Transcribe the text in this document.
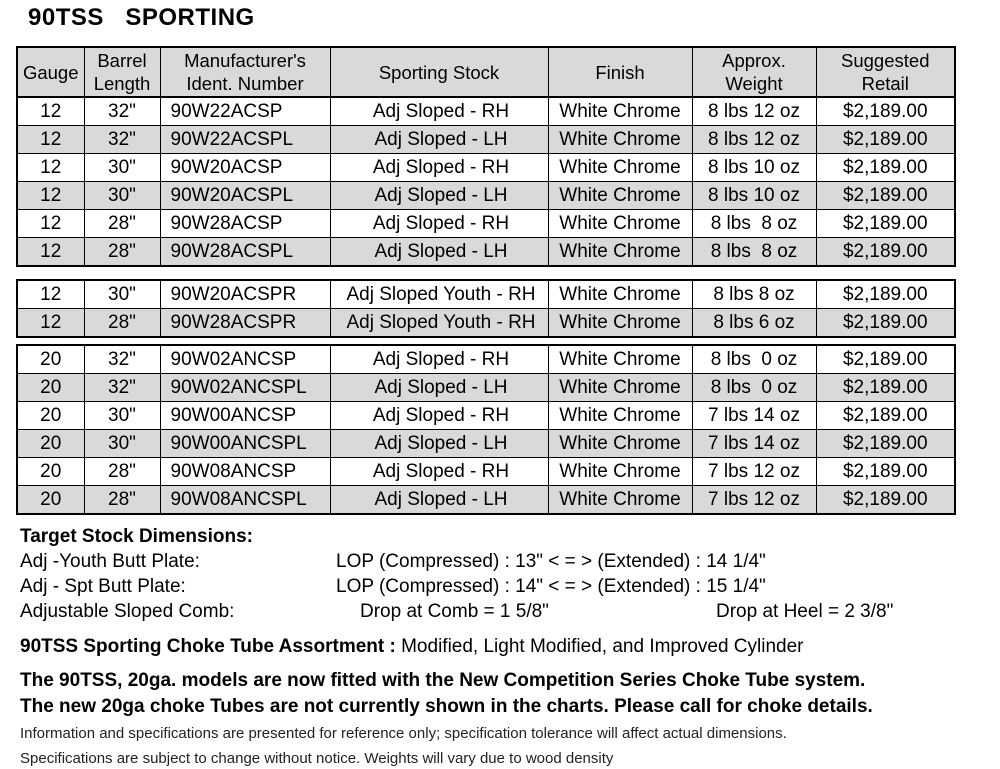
90TSS   SPORTING
Gauge	Barrel
Length	Manufacturer's
Ident. Number	Sporting Stock	Finish	Approx.
Weight	Suggested
Retail
12	32"	90W22ACSP	Adj Sloped - RH	White Chrome	8 lbs 12 oz	$2,189.00
12	32"	90W22ACSPL	Adj Sloped - LH	White Chrome	8 lbs 12 oz	$2,189.00
12	30"	90W20ACSP	Adj Sloped - RH	White Chrome	8 lbs 10 oz	$2,189.00
12	30"	90W20ACSPL	Adj Sloped - LH	White Chrome	8 lbs 10 oz	$2,189.00
12	28"	90W28ACSP	Adj Sloped - RH	White Chrome	8 lbs  8 oz	$2,189.00
12	28"	90W28ACSPL	Adj Sloped - LH	White Chrome	8 lbs  8 oz	$2,189.00
12	30"	90W20ACSPR	Adj Sloped Youth - RH	White Chrome	8 lbs 8 oz	$2,189.00
12	28"	90W28ACSPR	Adj Sloped Youth - RH	White Chrome	8 lbs 6 oz	$2,189.00
20	32"	90W02ANCSP	Adj Sloped - RH	White Chrome	8 lbs  0 oz	$2,189.00
20	32"	90W02ANCSPL	Adj Sloped - LH	White Chrome	8 lbs  0 oz	$2,189.00
20	30"	90W00ANCSP	Adj Sloped - RH	White Chrome	7 lbs 14 oz	$2,189.00
20	30"	90W00ANCSPL	Adj Sloped - LH	White Chrome	7 lbs 14 oz	$2,189.00
20	28"	90W08ANCSP	Adj Sloped - RH	White Chrome	7 lbs 12 oz	$2,189.00
20	28"	90W08ANCSPL	Adj Sloped - LH	White Chrome	7 lbs 12 oz	$2,189.00
Target Stock Dimensions:
Adj -Youth Butt Plate:	LOP (Compressed) : 13" < = > (Extended) : 14 1/4"
Adj - Spt Butt Plate:	LOP (Compressed) : 14" < = > (Extended) : 15 1/4"
Adjustable Sloped Comb:	Drop at Comb = 1 5/8"	Drop at Heel = 2 3/8"
90TSS Sporting Choke Tube Assortment : Modified, Light Modified, and Improved Cylinder
The 90TSS, 20ga. models are now fitted with the New Competition Series Choke Tube system.
The new 20ga choke Tubes are not currently shown in the charts. Please call for choke details.
Information and specifications are presented for reference only; specification tolerance will affect actual dimensions.
Specifications are subject to change without notice. Weights will vary due to wood density
